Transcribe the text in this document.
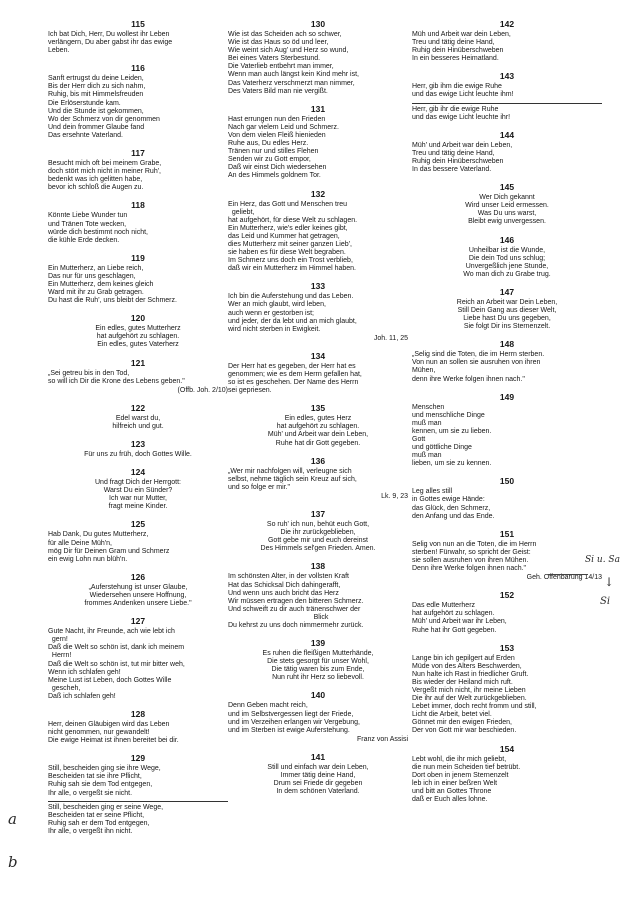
115
Ich bat Dich, Herr, Du wollest ihr Leben
verlängern, Du aber gabst ihr das ewige
Leben.
116
Sanft ertrugst du deine Leiden,
Bis der Herr dich zu sich nahm,
Ruhig, bis mit Himmelsfreuden
Die Erlöserstunde kam.
Und die Stunde ist gekommen,
Wo der Schmerz von dir genommen
Und dein frommer Glaube fand
Das ersehnte Vaterland.
117
Besucht mich oft bei meinem Grabe,
doch stört mich nicht in meiner Ruh',
bedenkt was ich gelitten habe,
bevor ich schloß die Augen zu.
118
Könnte Liebe Wunder tun
und Tränen Tote wecken,
würde dich bestimmt noch nicht,
die kühle Erde decken.
119
Ein Mutterherz, an Liebe reich,
Das nur für uns geschlagen,
Ein Mutterherz, dem keines gleich
Ward mit ihr zu Grab getragen.
Du hast die Ruh', uns bleibt der Schmerz.
120
Ein edles, gutes Mutterherz
hat aufgehört zu schlagen.
Ein edles, gutes Vaterherz
121
„Sei getreu bis in den Tod,
so will ich Dir die Krone des Lebens geben."
(Offb. Joh. 2/10)
122
Edel warst du,
hilfreich und gut.
123
Für uns zu früh, doch Gottes Wille.
124
Und fragt Dich der Herrgott:
Warst Du ein Sünder?
Ich war nur Mutter,
fragt meine Kinder.
125
Hab Dank, Du gutes Mutterherz,
für alle Deine Müh'n,
mög Dir für Deinen Gram und Schmerz
ein ewig Lohn nun blüh'n.
126
„Auferstehung ist unser Glaube,
Wiedersehen unsere Hoffnung,
frommes Andenken unsere Liebe."
127
Gute Nacht, ihr Freunde, ach wie lebt ich
gern!
Daß die Welt so schön ist, dank ich meinem
Herrn!
Daß die Welt so schön ist, tut mir bitter weh,
Wenn ich schlafen geh!
Meine Lust ist Leben, doch Gottes Wille
gescheh,
Daß ich schlafen geh!
128
Herr, deinen Gläubigen wird das Leben
nicht genommen, nur gewandelt!
Die ewige Heimat ist ihnen bereitet bei dir.
129
Still, bescheiden ging sie ihre Wege,
Bescheiden tat sie ihre Pflicht,
Ruhig sah sie dem Tod entgegen,
Ihr alle, o vergeßt sie nicht.
Still, bescheiden ging er seine Wege,
Bescheiden tat er seine Pflicht,
Ruhig sah er dem Tod entgegen,
Ihr alle, o vergeßt ihn nicht.
130
Wie ist das Scheiden ach so schwer,
Wie ist das Haus so öd und leer,
Wie weint sich Aug' und Herz so wund,
Bei eines Vaters Sterbestund.
Die Vaterlieb entbehrt man immer,
Wenn man auch längst kein Kind mehr ist,
Das Vaterherz verschmerzt man nimmer,
Des Vaters Bild man nie vergißt.
131
Hast errungen nun den Frieden
Nach gar vielem Leid und Schmerz.
Von dem vielen Fleiß hienieden
Ruhe aus, Du edles Herz.
Tränen nur und stilles Flehen
Senden wir zu Gott empor,
Daß wir einst Dich wiedersehen
An des Himmels goldnem Tor.
132
Ein Herz, das Gott und Menschen treu
geliebt,
hat aufgehört, für diese Welt zu schlagen.
Ein Mutterherz, wie's edler keines gibt,
das Leid und Kummer hat getragen,
dies Mutterherz mit seiner ganzen Lieb',
sie haben es für diese Welt begraben.
Im Schmerz uns doch ein Trost verblieb,
daß wir ein Mutterherz im Himmel haben.
133
Ich bin die Auferstehung und das Leben.
Wer an mich glaubt, wird leben,
auch wenn er gestorben ist;
und jeder, der da lebt und an mich glaubt,
wird nicht sterben in Ewigkeit.
Joh. 11, 25
134
Der Herr hat es gegeben, der Herr hat es
genommen; wie es dem Herrn gefallen hat,
so ist es geschehen. Der Name des Herrn
sei gepriesen.
135
Ein edles, gutes Herz
hat aufgehört zu schlagen.
Müh' und Arbeit war dein Leben,
Ruhe hat dir Gott gegeben.
136
„Wer mir nachfolgen will, verleugne sich
selbst, nehme täglich sein Kreuz auf sich,
und so folge er mir."
Lk. 9, 23
137
So ruh' ich nun, behüt euch Gott,
Die ihr zurückgeblieben,
Gott gebe mir und euch dereinst
Des Himmels sel'gen Frieden. Amen.
138
Im schönsten Alter, in der vollsten Kraft
Hat das Schicksal Dich dahingerafft,
Und wenn uns auch bricht das Herz
Wir müssen ertragen den bitteren Schmerz.
Und schweift zu dir auch tränenschwer der
Blick
Du kehrst zu uns doch nimmermehr zurück.
139
Es ruhen die fleißigen Mutterhände,
Die stets gesorgt für unser Wohl,
Die tätig waren bis zum Ende,
Nun ruht ihr Herz so liebevoll.
140
Denn Geben macht reich,
und im Selbstvergessen liegt der Friede,
und im Verzeihen erlangen wir Vergebung,
und im Sterben ist ewige Auferstehung.
Franz von Assisi
141
Still und einfach war dein Leben,
Immer tätig deine Hand,
Drum sei Friede dir gegeben
In dem schönen Vaterland.
142
Müh und Arbeit war dein Leben,
Treu und tätig deine Hand,
Ruhig dein Hinüberschweben
In ein besseres Heimatland.
143
Herr, gib ihm die ewige Ruhe
und das ewige Licht leuchte ihm!
Herr, gib ihr die ewige Ruhe
und das ewige Licht leuchte ihr!
144
Müh' und Arbeit war dein Leben,
Treu und tätig deine Hand,
Ruhig dein Hinüberschweben
In das bessere Vaterland.
145
Wer Dich gekannt
Wird unser Leid ermessen.
Was Du uns warst,
Bleibt ewig unvergessen.
146
Unheilbar ist die Wunde,
Die dein Tod uns schlug;
Unvergeßlich jene Stunde,
Wo man dich zu Grabe trug.
147
Reich an Arbeit war Dein Leben,
Still Dein Gang aus dieser Welt,
Liebe hast Du uns gegeben,
Sie folgt Dir ins Sternenzelt.
148
„Selig sind die Toten, die im Herrn sterben.
Von nun an sollen sie ausruhen von ihren
Mühen,
denn ihre Werke folgen ihnen nach."
149
Menschen
und menschliche Dinge
muß man
kennen, um sie zu lieben.
Gott
und göttliche Dinge
muß man
lieben, um sie zu kennen.
150
Leg alles still
in Gottes ewige Hände:
das Glück, den Schmerz,
den Anfang und das Ende.
151
Selig von nun an die Toten, die im Herrn
sterben! Fürwahr, so spricht der Geist:
sie sollen ausruhen von ihren Mühen.
Denn ihre Werke folgen ihnen nach."
Geh. Offenbarung 14/13
152
Das edle Mutterherz
hat aufgehört zu schlagen.
Müh' und Arbeit war ihr Leben,
Ruhe hat ihr Gott gegeben.
153
Lange bin ich gepilgert auf Erden
Müde von des Alters Beschwerden,
Nun halte ich Rast in friedlicher Gruft.
Bis wieder der Heiland mich ruft.
Vergeßt mich nicht, ihr meine Lieben
Die ihr auf der Welt zurückgeblieben.
Lebet immer, doch recht fromm und still,
Licht die Arbeit, betet viel.
Gönnet mir den ewigen Frieden,
Der von Gott mir war beschieden.
154
Lebt wohl, die ihr mich geliebt,
die nun mein Scheiden tief betrübt.
Dort oben in jenem Sternenzelt
leb ich in einer beßren Welt
und bitt an Gottes Throne
daß er Euch alles lohne.
a
b
Si u. Sa
↓
Si
